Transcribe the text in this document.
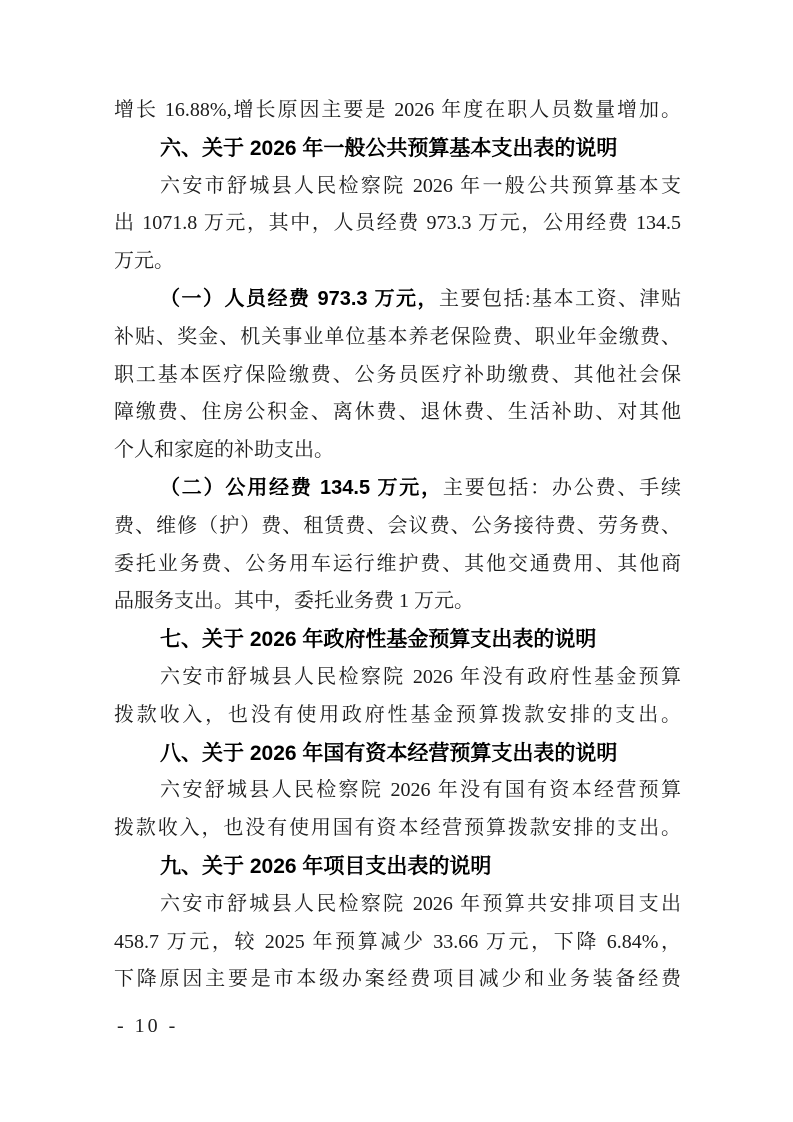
增长 16.88%,增长原因主要是 2026 年度在职人员数量增加。
六、关于 2026 年一般公共预算基本支出表的说明
六安市舒城县人民检察院 2026 年一般公共预算基本支
出 1071.8 万元，其中，人员经费 973.3 万元，公用经费 134.5
万元。
（一）人员经费 973.3 万元，主要包括:基本工资、津贴
补贴、奖金、机关事业单位基本养老保险费、职业年金缴费、
职工基本医疗保险缴费、公务员医疗补助缴费、其他社会保
障缴费、住房公积金、离休费、退休费、生活补助、对其他
个人和家庭的补助支出。
（二）公用经费 134.5 万元，主要包括：办公费、手续
费、维修（护）费、租赁费、会议费、公务接待费、劳务费、
委托业务费、公务用车运行维护费、其他交通费用、其他商
品服务支出。其中，委托业务费 1 万元。
七、关于 2026 年政府性基金预算支出表的说明
六安市舒城县人民检察院 2026 年没有政府性基金预算
拨款收入，也没有使用政府性基金预算拨款安排的支出。
八、关于 2026 年国有资本经营预算支出表的说明
六安舒城县人民检察院 2026 年没有国有资本经营预算
拨款收入，也没有使用国有资本经营预算拨款安排的支出。
九、关于 2026 年项目支出表的说明
六安市舒城县人民检察院 2026 年预算共安排项目支出
458.7 万元，较 2025 年预算减少 33.66 万元，下降 6.84%，
下降原因主要是市本级办案经费项目减少和业务装备经费
- 10 -
